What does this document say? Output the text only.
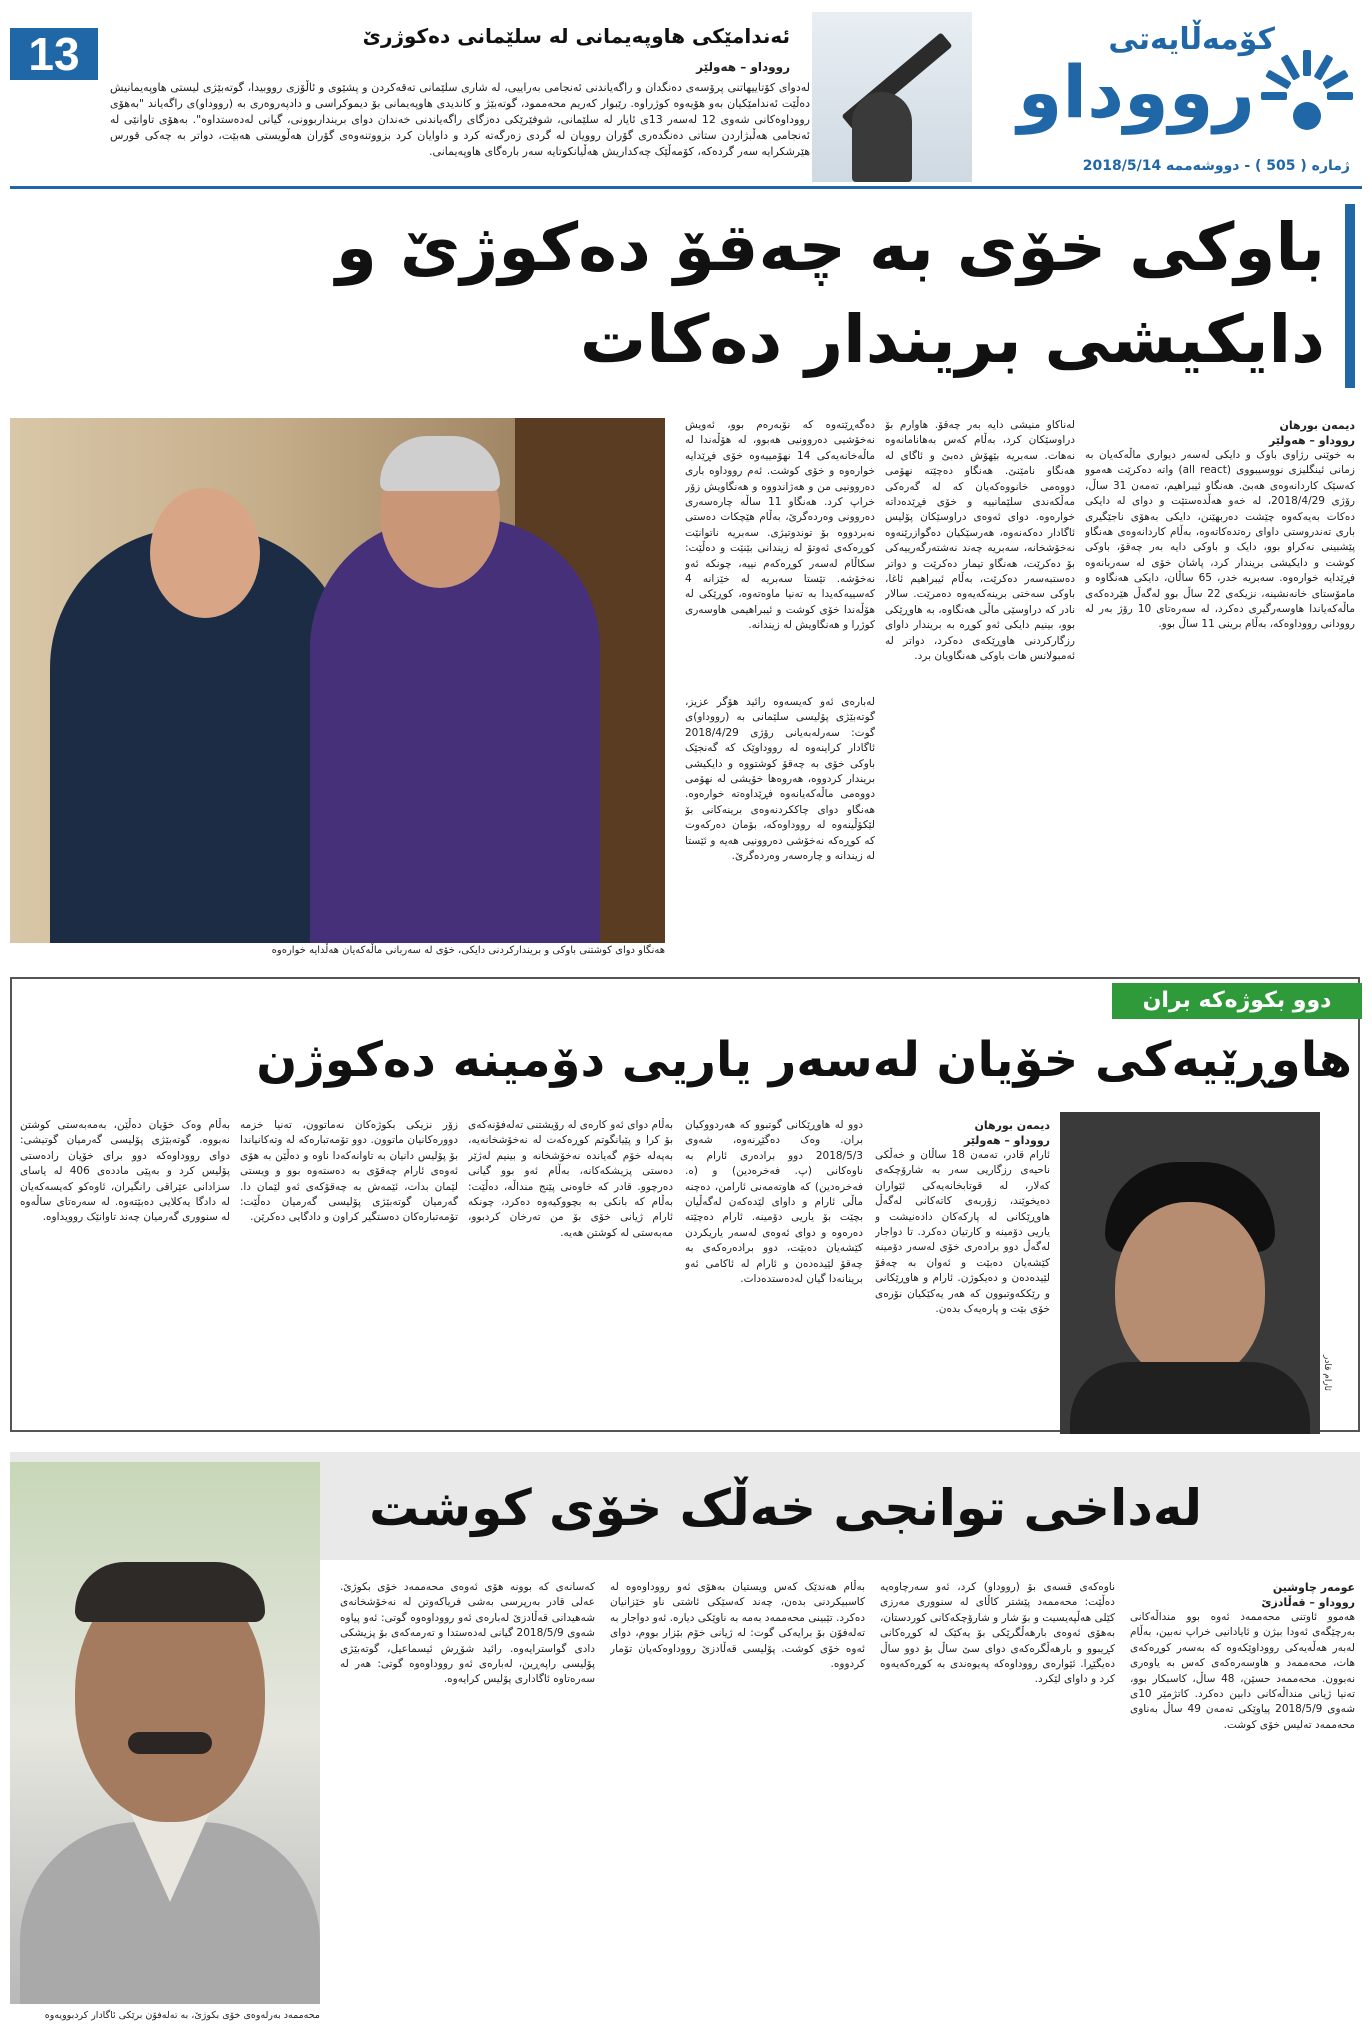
13	ئەندامێکی هاوپەیمانی لە سلێمانی دەکوژرێ
رووداو – هەولێر
لەدوای کۆتاییهاتنی پرۆسەی دەنگدان و راگەیاندنی ئەنجامی بەراییی، لە شاری سلێمانی تەقەکردن و پشێوی و ئاڵۆزی رووبیدا، گوتەبێژی لیستی هاوپەیمانیش دەڵێت ئەندامێکیان بەو هۆیەوە کوژراوە. رێبوار کەریم محەممود، گوتەبێژ و کاندیدی هاوپەیمانی بۆ دیموکراسی و دادپەروەری بە (رووداو)ی راگەیاند "بەهۆی رووداوەکانی شەوی 12 لەسەر 13ی ئایار لە سلێمانی، شوفێرێکی دەزگای راگەیاندنی خەندان دوای برینداربوونی، گیانی لەدەستداوە". بەهۆی تاوانێی لە ئەنجامی هەڵبژاردن ستاتی دەنگدەری گۆران روویان لە گردی زەرگەتە کرد و داوایان کرد بزووتنەوەی گۆران هەڵویستی هەبێت، دواتر بە چەکی قورس هێرشکرایە سەر گردەکە، کۆمەڵێک چەکداریش هەڵیانکوتایە سەر بارەگای هاوپەیمانی.
کۆمەڵایەتی
رووداو
ژمارە ( 505 ) - دووشەممە 2018/5/14
باوکی خۆی بە چەقۆ دەکوژێ و
دایکیشی بریندار دەکات
هەنگاو دوای کوشتنی باوکی و برینداركردنی دایکی، خۆی لە سەربانی ماڵەکەیان هەڵدایە خوارەوە
دیمەن بورهان
رووداو – هەولێر
بە خوێنی رژاوی باوک و دایکی لەسەر دیواری ماڵەکەیان بە زمانی ئینگلیزی نووسیبووی (all react) واتە دەکرێت هەموو کەسێک کاردانەوەی هەبێ. هەنگاو ئیبراهیم، تەمەن 31 ساڵ، رۆژی 2018/4/29، لە خەو هەڵدەستێت و دوای لە دایکی دەکات بەیەکەوە چێشت دەربهێنن، دایکی بەهۆی ناجێگیری باری تەندروستی داوای رەتدەکاتەوە، بەڵام کاردانەوەی هەنگاو پێشبینی نەکراو بوو، دایک و باوکی دایە بەر چەقۆ، باوکی کوشت و دایکیشی بریندار کرد، پاشان خۆی لە سەربانەوە فڕێدایە خوارەوە. سەبریە خدر، 65 ساڵان، دایکی هەنگاوە و مامۆستای خانەنشینە، نزیکەی 22 ساڵ بوو لەگەڵ هێردەکەی ماڵەکەیاندا هاوسەرگیری دەکرد، لە سەرەتای 10 رۆژ بەر لە روودانی رووداوەکە، بەڵام برینی 11 ساڵ بوو.
لەناکاو منیشی دایە بەر چەقۆ. هاوارم بۆ دراوسێکان کرد، بەڵام کەس بەهانامانەوە نەهات. سەبریە بێهۆش دەبێ و ئاگای لە هەنگاو نامێنێ. هەنگاو دەچێتە نهۆمی دووەمی خانووەکەیان کە لە گەرەکی مەڵکەندی سلێمانییە و خۆی فڕێدەداتە خوارەوە. دوای ئەوەی دراوسێکان پۆلیس ئاگادار دەکەنەوە، هەرسێکیان دەگوازرێنەوە نەخۆشخانە، سەبریە چەند نەشتەرگەرییەکی بۆ دەکرێت، هەنگاو تیمار دەکرێت و دواتر دەستبەسەر دەکرێت، بەڵام ئیبراهیم ئاغا، باوکی سەختی برینەکەیەوە دەمرێت. سالار نادر کە دراوسێی ماڵی هەنگاوە، بە هاوڕێکی بوو، بینیم دایکی ئەو کوڕە بە بریندار داوای رزگارکردنی هاوڕێکەی دەکرد، دواتر لە ئەمبولانس هات باوکی هەنگاویان برد.
دەگەڕێتەوە کە نۆبەرەم بوو، ئەویش نەخۆشیی دەروونیی هەبوو، لە هۆڵەندا لە ماڵەخانەیەکی 14 نهۆمییەوە خۆی فڕێدایە خوارەوە و خۆی کوشت. ئەم رووداوە باری دەروونیی من و هەژاندووە و هەنگاویش زۆر خراپ کرد. هەنگاو 11 ساڵە چارەسەری دەروونی وەردەگرێ، بەڵام هێچکات دەستی نەبردووە بۆ توندوتیژی. سەبریە ناتوانێت کوڕەکەی ئەوتۆ لە زیندانی بێنێت و دەڵێت: سکاڵام لەسەر کوڕەکەم نییە، چونکە ئەو نەخۆشە. تێستا سەبریە لە خێزانە 4 کەسییەکەیدا بە تەنیا ماوەتەوە، کوڕێکی لە هۆڵەندا خۆی کوشت و ئیبراهیمی هاوسەری کوژرا و هەنگاویش لە زیندانە.
لەبارەی ئەو کەیسەوە رائید هۆگر عزیز، گوتەبێژی پۆلیسی سلێمانی بە (رووداو)ی گوت: سەرلەبەیانی رۆژی 2018/4/29 ئاگادار کراینەوە لە رووداوێک کە گەنجێک باوکی خۆی بە چەقۆ کوشتووە و دایکیشی بریندار کردووە، هەروەها خۆیشی لە نهۆمی دووەمی ماڵەکەیانەوە فڕێداوەتە خوارەوە. هەنگاو دوای چاککردنەوەی برینەکانی بۆ لێکۆڵینەوە لە رووداوەکە، بۆمان دەرکەوت کە کوڕەکە نەخۆشی دەروونیی هەیە و ئێستا لە زیندانە و چارەسەر وەردەگرێ.
دوو بکوژەکە بران
هاوڕێیەکی خۆیان لەسەر یاریی دۆمینە دەکوژن
ئارام قادر
دیمەن بورهان
رووداو – هەولێر
ئارام قادر، تەمەن 18 ساڵان و خەڵکی ناحیەی رزگاریی سەر بە شارۆچکەی کەلار، لە قوتابخانەیەکی ئێواران دەیخوێند، زۆربەی کاتەکانی لەگەڵ هاوڕێکانی لە پارکەکان دادەنیشت و یاریی دۆمینە و کارتیان دەکرد. تا دواجار لەگەڵ دوو برادەری خۆی لەسەر دۆمینە کێشەیان دەبێت و ئەوان بە چەقۆ لێیدەدەن و دەیکوژن. ئارام و هاوڕێکانی و رێککەوتبوون کە هەر یەکێکیان نۆرەی خۆی بێت و پارەیەک بدەن.
دوو لە هاوڕێکانی گوتبوو کە هەردووکیان بران. وەک دەگێڕنەوە، شەوی 2018/5/3 دوو برادەری ئارام بە ناوەکانی (پ. فەخرەدین) و (ە. فەخرەدین) کە هاوتەمەنی ئارامن، دەچنە ماڵی ئارام و داوای لێدەکەن لەگەڵیان بچێت بۆ یاریی دۆمینە. ئارام دەچێتە دەرەوە و دوای ئەوەی لەسەر یاریکردن کێشەیان دەبێت، دوو برادەرەکەی بە چەقۆ لێیدەدەن و ئارام لە ئاکامی ئەو برینانەدا گیان لەدەستدەدات.
بەڵام دوای ئەو کارەی لە رۆیشتنی تەلەفۆنەکەی بۆ کرا و پێیانگوتم کوڕەکەت لە نەخۆشخانەیە، بەپەلە خۆم گەیاندە نەخۆشخانە و بینیم لەژێر دەستی پزیشکەکانە، بەڵام ئەو بوو گیانی دەرچوو. قادر کە خاوەنی پێنج منداڵە، دەڵێت: بەڵام کە بانکی بە بچووکیەوە دەکرد، چونکە ئارام ژیانی خۆی بۆ من تەرخان کردبوو، مەبەستی لە کوشتن هەیە.
زۆر نزیکی بکوژەکان نەماتوون، تەنیا خزمە دوورەکانیان ماتوون. دوو تۆمەتبارەکە لە وتەکانیاندا بۆ پۆلیس دانیان بە تاوانەکەدا ناوە و دەڵێن بە هۆی ئەوەی ئارام چەقۆی بە دەستەوە بوو و ویستی لێمان بدات، ئێمەش بە چەقۆکەی ئەو لێمان دا. گەرمیان گوتەبێژی پۆلیسی گەرمیان دەڵێت: تۆمەتبارەکان دەستگیر کراون و دادگایی دەکرێن.
بەڵام وەک خۆیان دەڵێن، بەمەبەستی کوشتن نەبووە. گوتەبێژی پۆلیسی گەرمیان گوتیشی: دوای رووداوەکە دوو برای خۆیان رادەستی پۆلیس کرد و بەپێی ماددەی 406 لە یاسای سزادانی عێراقی رانگیران، ئاوەکو کەیسەکەیان لە دادگا یەکلایی دەبێتەوە. لە سەرەتای ساڵەوە لە سنووری گەرمیان چەند تاوانێک روویداوە.
لەداخی توانجی خەڵک خۆی کوشت
محەممەد بەرلەوەی خۆی بکوژێ، بە تەلەفۆن برێکی ئاگادار کردبوویەوە
عومەر چاوشین
رووداو – قەڵادزێ
هەموو ئاوتنی محەممەد ئەوە بوو منداڵەکانی بەرچێگەی ئەودا بیژن و ئایادانیی خراپ نەبین، بەڵام لەبەر هەڵەیەکی رووداوێکەوە کە بەسەر کوڕەکەی هات، محەممەد و هاوسەرەکەی کەس بە یاوەری نەبوون. محەممەد حسێن، 48 ساڵ، کاسبکار بوو، تەنیا ژیانی منداڵەکانی دابین دەکرد. کاتژمێر 10ی شەوی 2018/5/9 پیاوێکی تەمەن 49 ساڵ بەناوی محەممەد تەلیس خۆی کوشت.
ناوەکەی قسەی بۆ (رووداو) کرد، ئەو سەرچاوەیە دەڵێت: محەممەد پێشتر کاڵای لە سنووری مەرزی کێلی هەڵپەیسیت و بۆ شار و شارۆچکەکانی کوردستان، بەهۆی ئەوەی بارهەڵگرێکی بۆ یەکێک لە کوڕەکانی کڕیبوو و بارهەڵگرەکەی دوای سێ ساڵ بۆ دوو ساڵ دەیگێڕا. ئێوارەی رووداوەکە پەیوەندی بە کوڕەکەیەوە کرد و داوای لێکرد.
بەڵام هەندێک کەس ویستیان بەهۆی ئەو رووداوەوە لە کاسبیکردنی بدەن، چەند کەسێکی ئاشتی ناو خێزانیان دەکرد. تێبینی محەممەد بەمە بە ناوێکی دیارە. ئەو دواجار بە تەلەفۆن بۆ برایەکی گوت: لە ژیانی خۆم بێزار بووم، دوای ئەوە خۆی کوشت. پۆلیسی قەڵادزێ رووداوەکەیان تۆمار کردووە.
کەسانەی کە بوونە هۆی ئەوەی محەممەد خۆی بکوژێ. عەلی قادر بەرپرسی بەشی فریاکەوتن لە نەخۆشخانەی شەهیدانی قەڵادزێ لەبارەی ئەو رووداوەوە گوتی: ئەو پیاوە شەوی 2018/5/9 گیانی لەدەستدا و تەرمەکەی بۆ پزیشکی دادی گواسترایەوە. رائید شۆڕش ئیسماعیل، گوتەبێژی پۆلیسی راپەڕین، لەبارەی ئەو رووداوەوە گوتی: هەر لە سەرەتاوە ئاگاداری پۆلیس کرایەوە.
